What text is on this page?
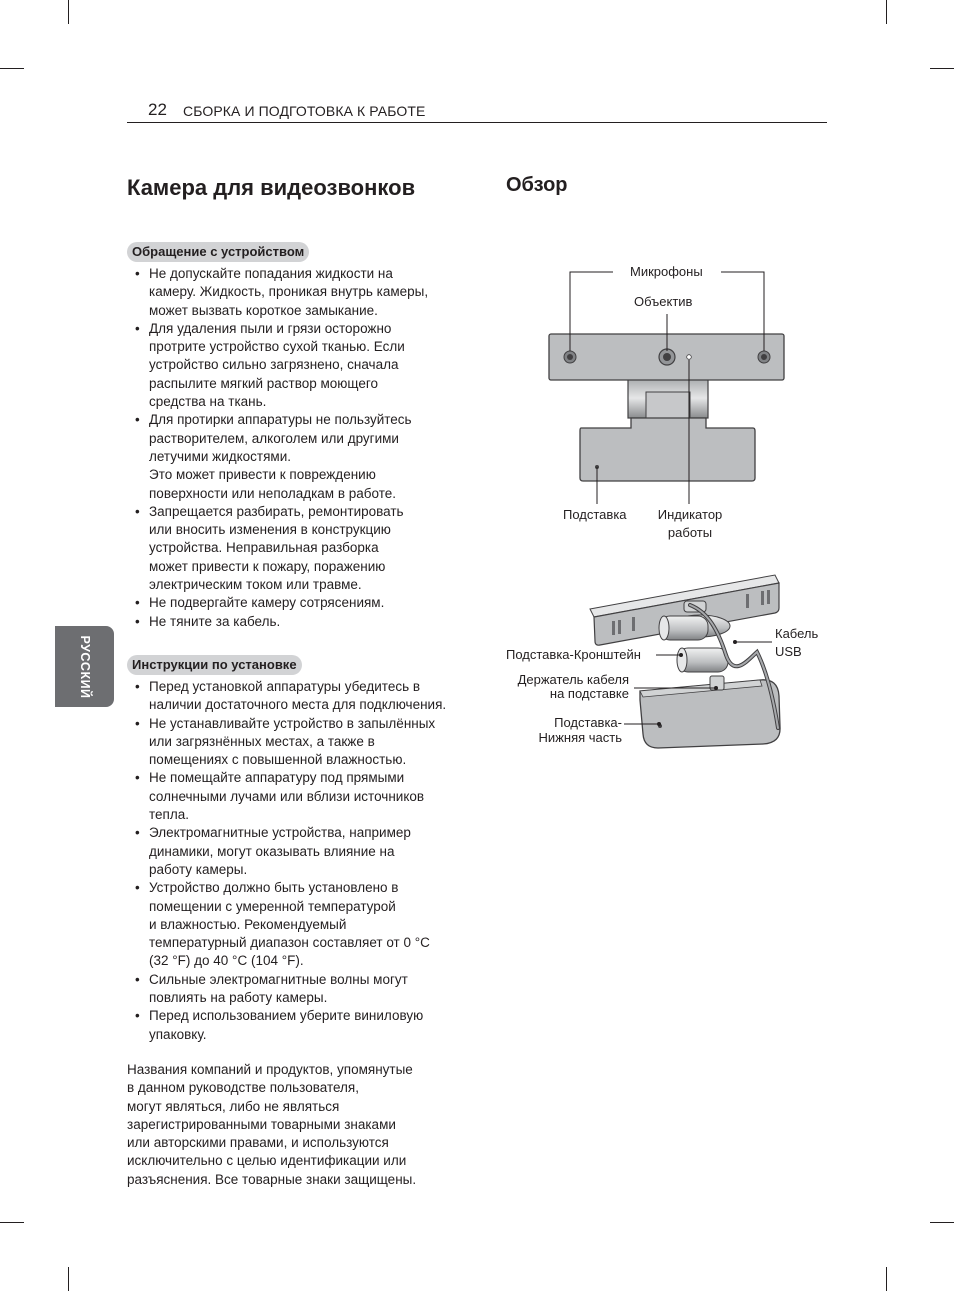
22 СБОРКА И ПОДГОТОВКА К РАБОТЕ
Камера для видеозвонков	Обзор
Обращение с устройством
• Не допускайте попадания жидкости на
камеру. Жидкость, проникая внутрь камеры,
может вызвать короткое замыкание.
• Для удаления пыли и грязи осторожно
протрите устройство сухой тканью. Если
устройство сильно загрязнено, сначала
распылите мягкий раствор моющего
средства на ткань.
• Для протирки аппаратуры не пользуйтесь
растворителем, алкоголем или другими
летучими жидкостями.
Это может привести к повреждению
поверхности или неполадкам в работе.
• Запрещается разбирать, ремонтировать
или вносить изменения в конструкцию
устройства. Неправильная разборка
может привести к пожару, поражению
электрическим током или травме.
• Не подвергайте камеру сотрясениям.
• Не тяните за кабель.
Инструкции по установке
• Перед установкой аппаратуры убедитесь в
наличии достаточного места для подключения.
• Не устанавливайте устройство в запылённых
или загрязнённых местах, а также в
помещениях с повышенной влажностью.
• Не помещайте аппаратуру под прямыми
солнечными лучами или вблизи источников
тепла.
• Электромагнитные устройства, например
динамики, могут оказывать влияние на
работу камеры.
• Устройство должно быть установлено в
помещении с умеренной температурой
и влажностью. Рекомендуемый
температурный диапазон составляет от 0 °C
(32 °F) до 40 °C (104 °F).
• Сильные электромагнитные волны могут
повлиять на работу камеры.
• Перед использованием уберите виниловую
упаковку.
Названия компаний и продуктов, упомянутые
в данном руководстве пользователя,
могут являться, либо не являться
зарегистрированными товарными знаками
или авторскими правами, и используются
исключительно с целью идентификации или
разъяснения. Все товарные знаки защищены.
РУССКИЙ
Микрофоны
Объектив
Подставка	Индикатор
работы
Подставка-Кронштейн
Держатель кабеля
на подставке
Подставка-
Нижняя часть
Кабель
USB
